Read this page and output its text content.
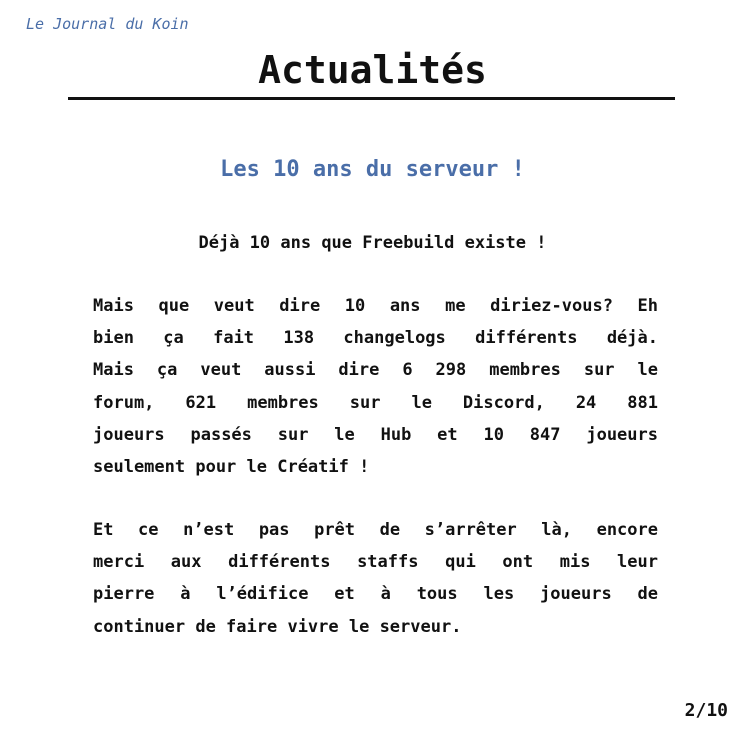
Le Journal du Koin
Actualités
Les 10 ans du serveur !
Déjà 10 ans que Freebuild existe !
Mais que veut dire 10 ans me diriez-vous? Eh
bien ça fait 138 changelogs différents déjà.
Mais ça veut aussi dire 6 298 membres sur le
forum, 621 membres sur le Discord, 24 881
joueurs passés sur le Hub et 10 847 joueurs
seulement pour le Créatif !
Et ce n’est pas prêt de s’arrêter là, encore
merci aux différents staffs qui ont mis leur
pierre à l’édifice et à tous les joueurs de
continuer de faire vivre le serveur.
2/10
